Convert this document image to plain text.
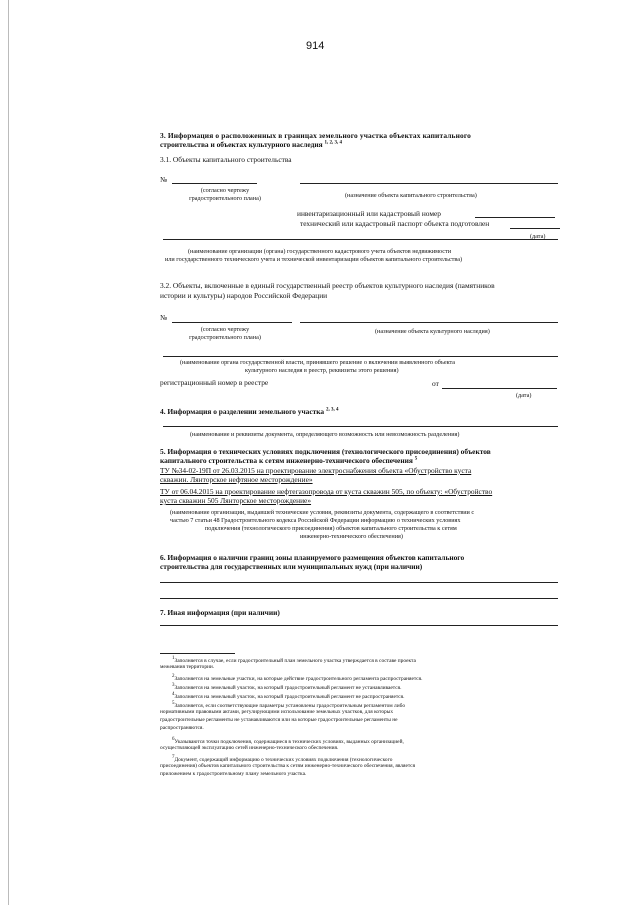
914
3. Информация о расположенных в границах земельного участка объектах капитального
строительства и объектах культурного наследия $^{1, 2, 3, 4}$
3.1. Объекты капитального строительства
№
(согласно чертежу
градостроительного плана)	(назначение объекта капитального строительства)
инвентаризационный или кадастровый номер
технический или кадастровый паспорт объекта подготовлен
(дата)
(наименование организации (органа) государственного кадастрового учета объектов недвижимости
или государственного технического учета и технической инвентаризации объектов капитального строительства)
3.2. Объекты, включенные в единый государственный реестр объектов культурного наследия (памятников
истории и культуры) народов Российской Федерации
№
(согласно чертежу
градостроительного плана)
(назначение объекта культурного наследия)
(наименование органа государственной власти, принявшего решение о включении выявленного объекта
культурного наследия в реестр, реквизиты этого решения)
регистрационный номер в реестре	от
(дата)
4. Информация о разделении земельного участка $^{2, 3, 4}$
(наименование и реквизиты документа, определяющего возможность или невозможность разделения)
5. Информация о технических условиях подключения (технологического присоединения) объектов
капитального строительства к сетям инженерно-технического обеспечения $^5$
ТУ №34-02-19П от 26.03.2015 на проектирование электроснабжения объекта «Обустройство куста
скважин. Лянторское нефтяное месторождение»
ТУ от 06.04.2015 на проектирование нефтегазопровода от куста скважин 505, по объекту: «Обустройство
куста скважин 505 Лянторское месторождение»
(наименование организации, выдавшей технические условия, реквизиты документа, содержащего в соответствии с
частью 7 статьи 48 Градостроительного кодекса Российской Федерации информацию о технических условиях
подключения (технологического присоединения) объектов капитального строительства к сетям
инженерно-технического обеспечения)
6. Информация о наличии границ зоны планируемого размещения объектов капитального
строительства для государственных или муниципальных нужд (при наличии)
7. Иная информация (при наличии)
$^1$Заполняется в случае, если градостроительный план земельного участка утверждается в составе проекта
межевания территории.
$^2$Заполняется на земельные участки, на которые действие градостроительного регламента распространяется.
$^3$Заполняется на земельный участок, на который градостроительный регламент не устанавливается.
$^4$Заполняется на земельный участок, на который градостроительный регламент не распространяется.
$^5$Заполняется, если соответствующие параметры установлены градостроительным регламентом либо
нормативными правовыми актами, регулирующими использование земельных участков, для которых
градостроительные регламенты не устанавливаются или на которые градостроительные регламенты не
распространяются.
$^6$Указываются точки подключения, содержащиеся в технических условиях, выданных организацией,
осуществляющей эксплуатацию сетей инженерно-технического обеспечения.
$^7$Документ, содержащий информацию о технических условиях подключения (технологического
присоединения) объектов капитального строительства к сетям инженерно-технического обеспечения, является
приложением к градостроительному плану земельного участка.
